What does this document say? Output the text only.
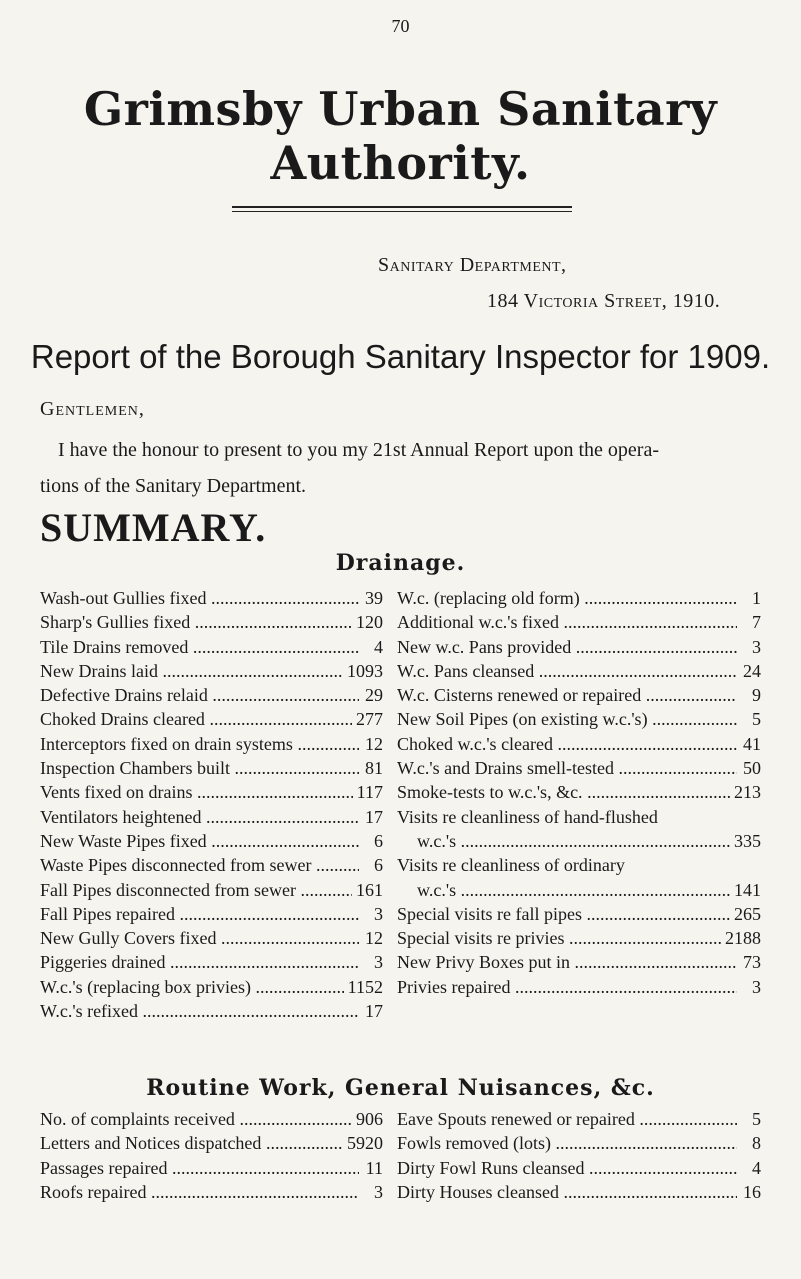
70
Grimsby Urban Sanitary Authority.
Sanitary Department,
184 Victoria Street, 1910.
Report of the Borough Sanitary Inspector for 1909.
Gentlemen,
I have the honour to present to you my 21st Annual Report upon the opera-
tions of the Sanitary Department.
SUMMARY.
Drainage.
Wash-out Gullies fixed .....	39
Sharp's Gullies fixed .....	120
Tile Drains removed .....	4
New Drains laid .....	1093
Defective Drains relaid .....	29
Choked Drains cleared .....	277
Interceptors fixed on drain systems .....	12
Inspection Chambers built .....	81
Vents fixed on drains .....	117
Ventilators heightened .....	17
New Waste Pipes fixed .....	6
Waste Pipes disconnected from sewer .....	6
Fall Pipes disconnected from sewer .....	161
Fall Pipes repaired .....	3
New Gully Covers fixed .....	12
Piggeries drained .....	3
W.c.'s (replacing box privies) .....	1152
W.c.'s refixed .....	17
W.c. (replacing old form) .....	1
Additional w.c.'s fixed .....	7
New w.c. Pans provided .....	3
W.c. Pans cleansed .....	24
W.c. Cisterns renewed or repaired .....	9
New Soil Pipes (on existing w.c.'s) .....	5
Choked w.c.'s cleared .....	41
W.c.'s and Drains smell-tested .....	50
Smoke-tests to w.c.'s, &c. .....	213
Visits re cleanliness of hand-flushed
w.c.'s .....	335
Visits re cleanliness of ordinary
w.c.'s .....	141
Special visits re fall pipes .....	265
Special visits re privies .....	2188
New Privy Boxes put in .....	73
Privies repaired .....	3
Routine Work, General Nuisances, &c.
No. of complaints received .....	906
Letters and Notices dispatched .....	5920
Passages repaired .....	11
Roofs repaired .....	3
Eave Spouts renewed or repaired .....	5
Fowls removed (lots) .....	8
Dirty Fowl Runs cleansed .....	4
Dirty Houses cleansed .....	16
